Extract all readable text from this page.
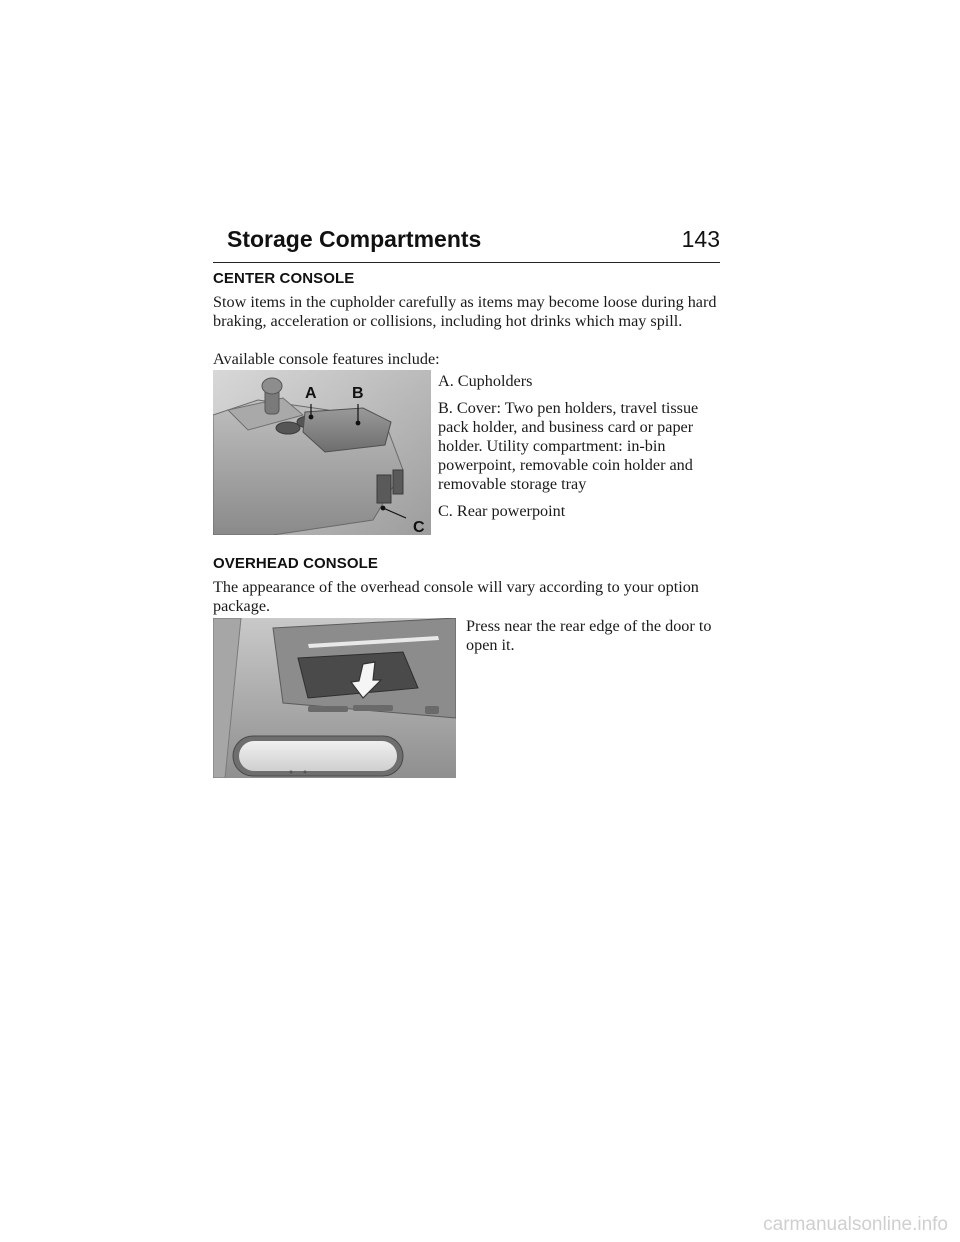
Storage Compartments	143
CENTER CONSOLE

Stow items in the cupholder carefully as items may become loose during hard braking, acceleration or collisions, including hot drinks which may spill.

Available console features include:

A B
C
A. Cupholders
B. Cover: Two pen holders, travel tissue pack holder, and business card or paper holder. Utility compartment: in-bin powerpoint, removable coin holder and removable storage tray
C. Rear powerpoint
OVERHEAD CONSOLE

The appearance of the overhead console will vary according to your option package.

Press near the rear edge of the door to open it.

carmanualsonline.info
